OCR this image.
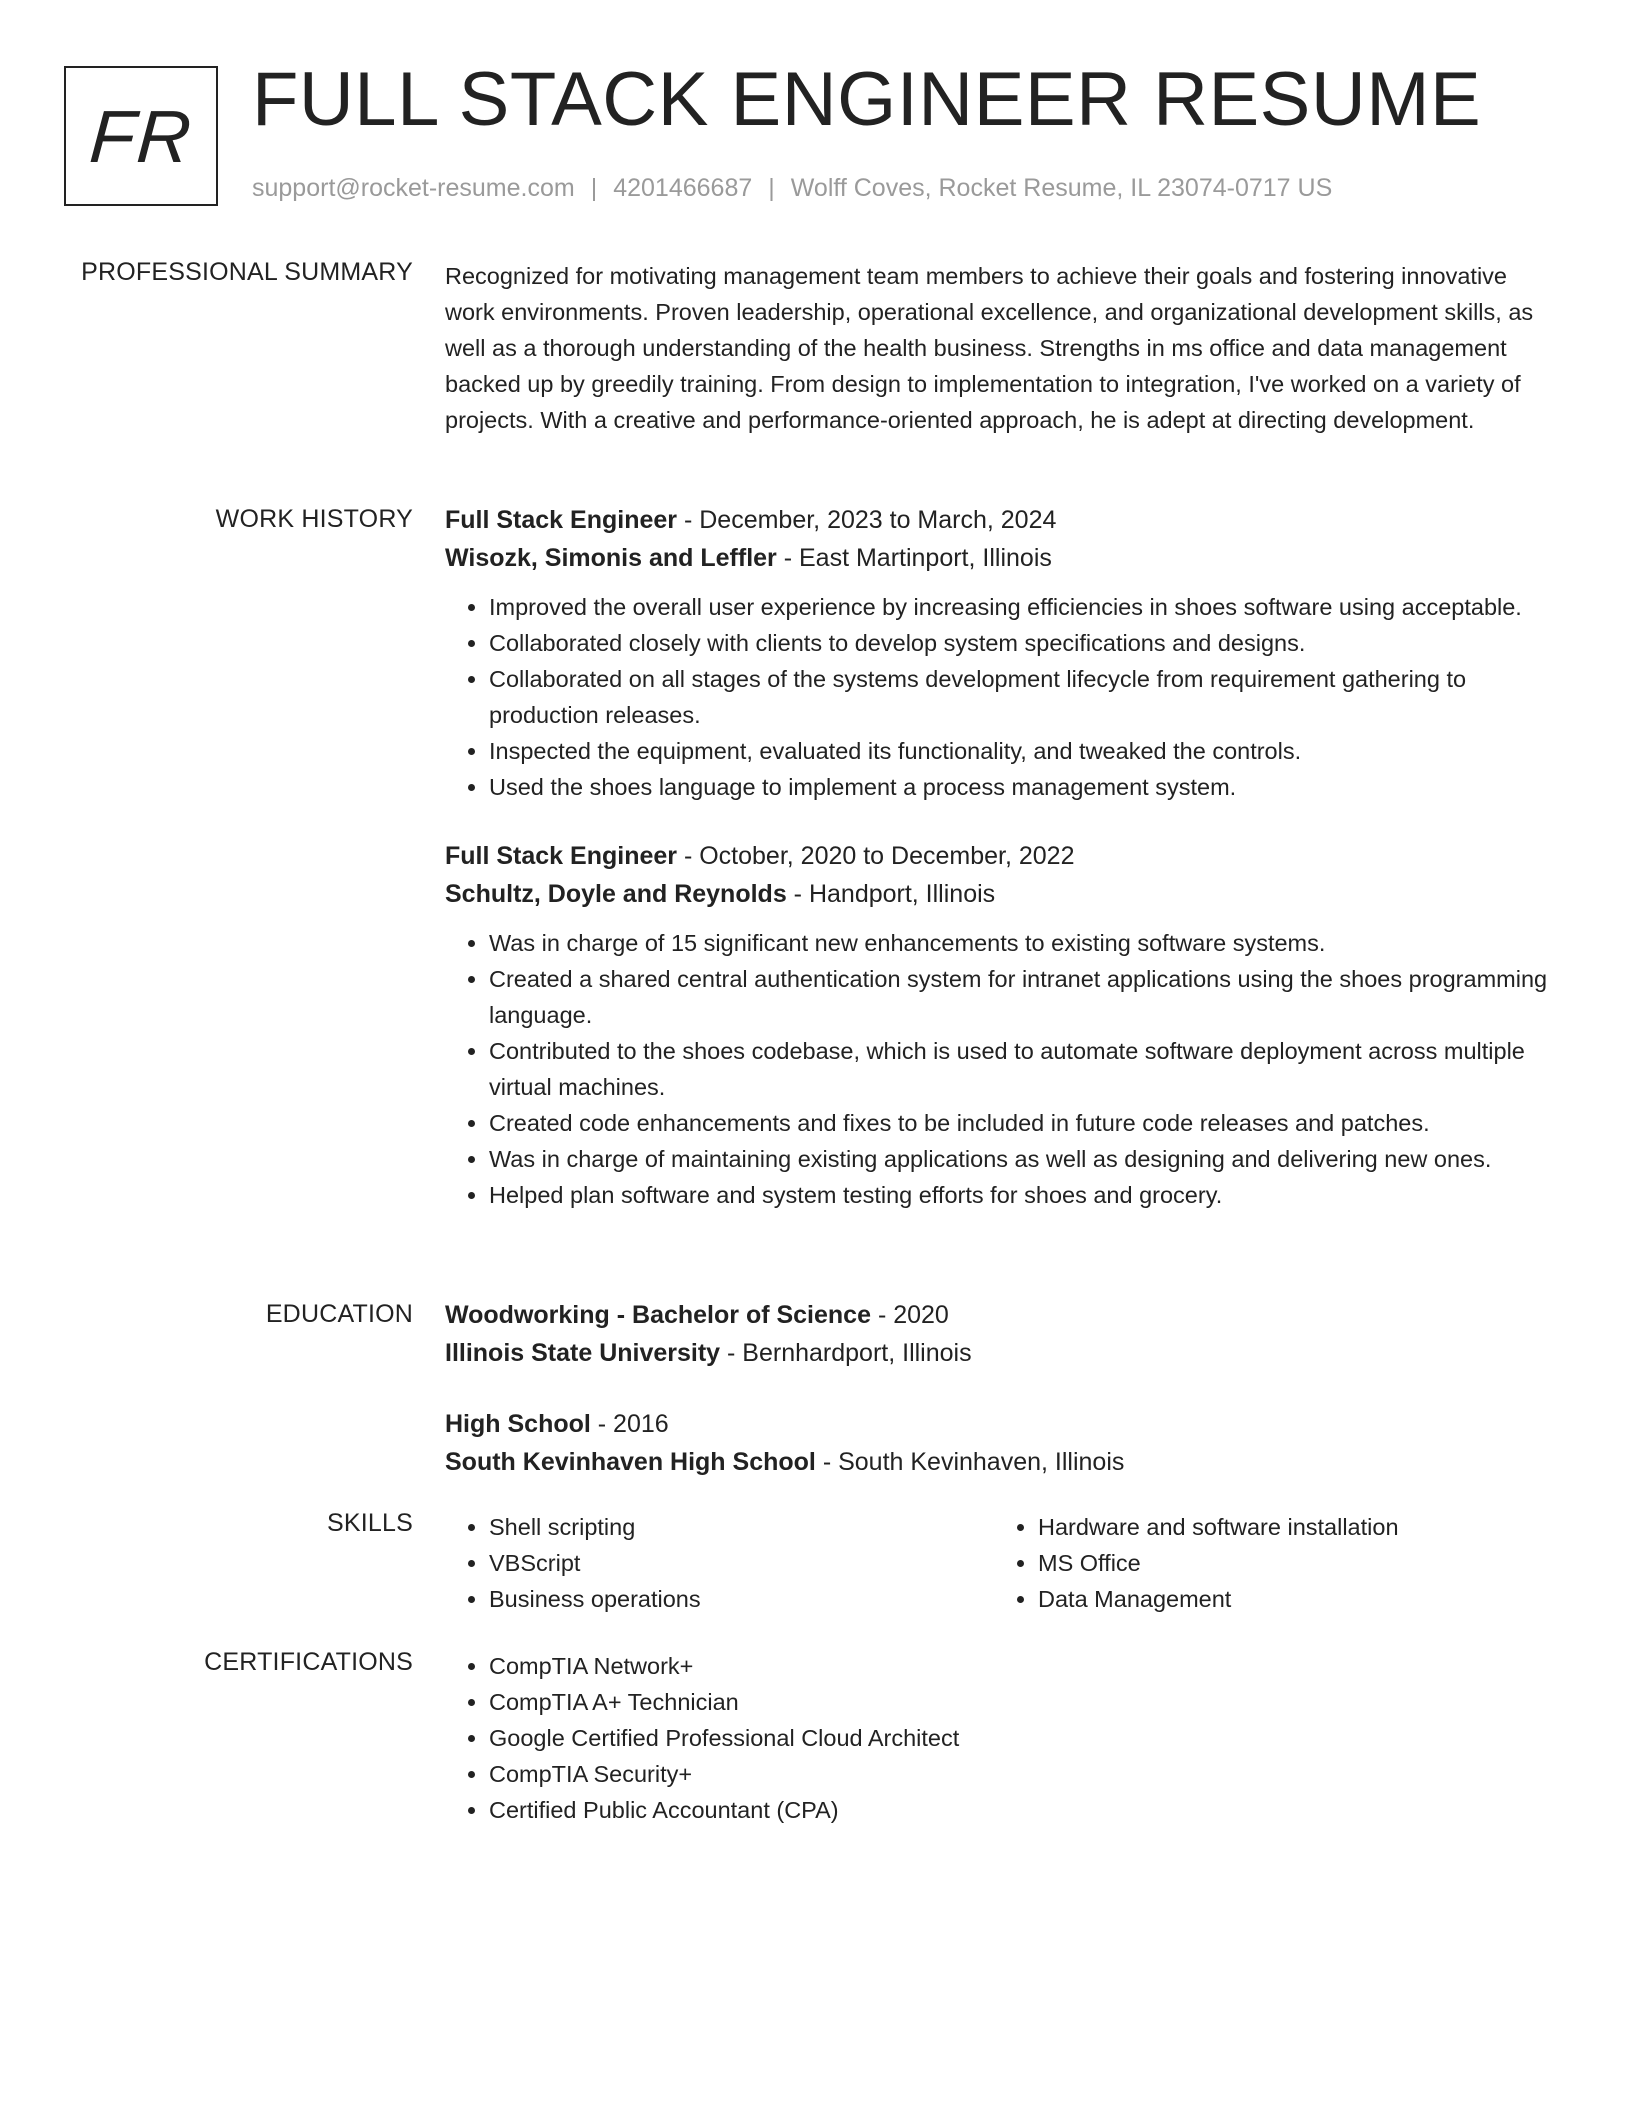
FR FULL STACK ENGINEER RESUME
support@rocket-resume.com | 4201466687 | Wolff Coves, Rocket Resume, IL 23074-0717 US
PROFESSIONAL SUMMARY Recognized for motivating management team members to achieve their goals and fostering innovative work environments. Proven leadership, operational excellence, and organizational development skills, as well as a thorough understanding of the health business. Strengths in ms office and data management backed up by greedily training. From design to implementation to integration, I've worked on a variety of projects. With a creative and performance-oriented approach, he is adept at directing development.

WORK HISTORY Full Stack Engineer - December, 2023 to March, 2024
Wisozk, Simonis and Leffler - East Martinport, Illinois
• Improved the overall user experience by increasing efficiencies in shoes software using acceptable.
• Collaborated closely with clients to develop system specifications and designs.
• Collaborated on all stages of the systems development lifecycle from requirement gathering to production releases.
• Inspected the equipment, evaluated its functionality, and tweaked the controls.
• Used the shoes language to implement a process management system.
Full Stack Engineer - October, 2020 to December, 2022
Schultz, Doyle and Reynolds - Handport, Illinois
• Was in charge of 15 significant new enhancements to existing software systems.
• Created a shared central authentication system for intranet applications using the shoes programming language.
• Contributed to the shoes codebase, which is used to automate software deployment across multiple virtual machines.
• Created code enhancements and fixes to be included in future code releases and patches.
• Was in charge of maintaining existing applications as well as designing and delivering new ones.
• Helped plan software and system testing efforts for shoes and grocery.
EDUCATION Woodworking - Bachelor of Science - 2020
Illinois State University - Bernhardport, Illinois
High School - 2016
South Kevinhaven High School - South Kevinhaven, Illinois
SKILLS	• Shell scripting
• VBScript
• Business operations
• Hardware and software installation
• MS Office
• Data Management
CERTIFICATIONS	• CompTIA Network+
• CompTIA A+ Technician
• Google Certified Professional Cloud Architect
• CompTIA Security+
• Certified Public Accountant (CPA)
